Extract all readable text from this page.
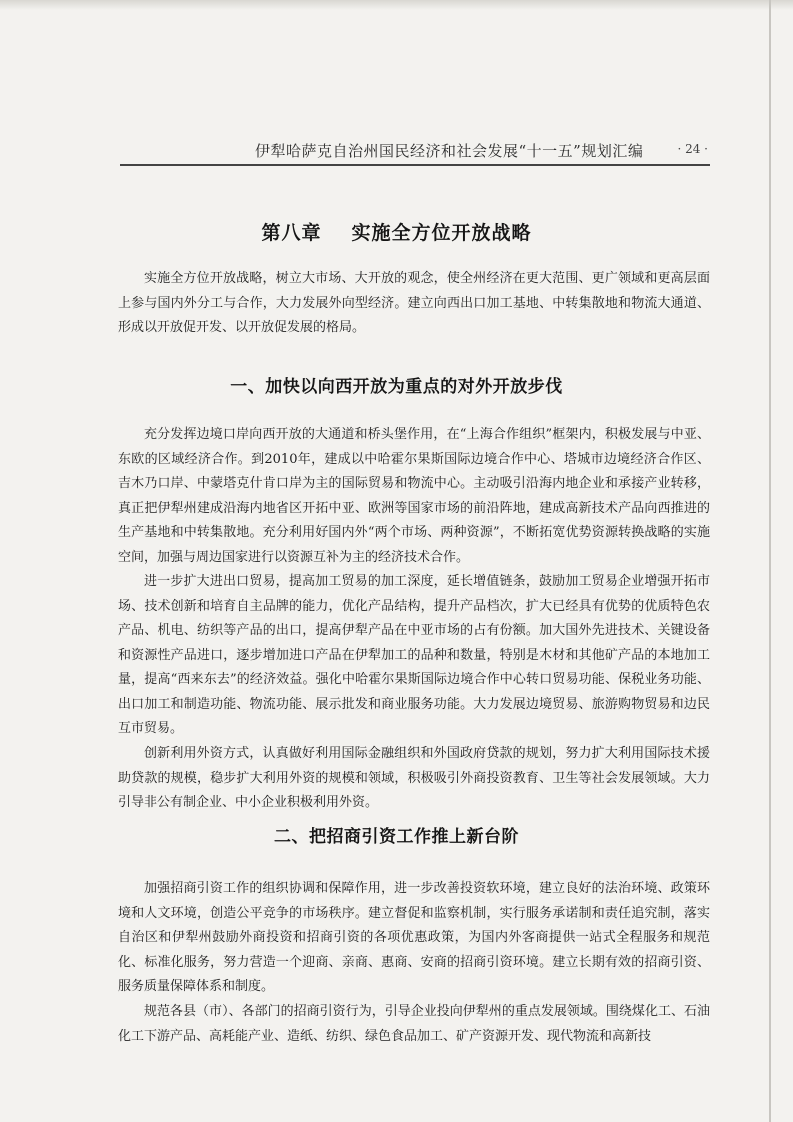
伊犁哈萨克自治州国民经济和社会发展“十一五”规划汇编	· 24 ·
第八章 实施全方位开放战略

实施全方位开放战略，树立大市场、大开放的观念，使全州经济在更大范围、更广领域和更高层面上参与国内外分工与合作，大力发展外向型经济。建立向西出口加工基地、中转集散地和物流大通道、形成以开放促开发、以开放促发展的格局。

一、加快以向西开放为重点的对外开放步伐

充分发挥边境口岸向西开放的大通道和桥头堡作用，在“上海合作组织”框架内，积极发展与中亚、东欧的区域经济合作。到2010年，建成以中哈霍尔果斯国际边境合作中心、塔城市边境经济合作区、吉木乃口岸、中蒙塔克什肯口岸为主的国际贸易和物流中心。主动吸引沿海内地企业和承接产业转移，真正把伊犁州建成沿海内地省区开拓中亚、欧洲等国家市场的前沿阵地，建成高新技术产品向西推进的生产基地和中转集散地。充分利用好国内外“两个市场、两种资源”，不断拓宽优势资源转换战略的实施空间，加强与周边国家进行以资源互补为主的经济技术合作。

进一步扩大进出口贸易，提高加工贸易的加工深度，延长增值链条，鼓励加工贸易企业增强开拓市场、技术创新和培育自主品牌的能力，优化产品结构，提升产品档次，扩大已经具有优势的优质特色农产品、机电、纺织等产品的出口，提高伊犁产品在中亚市场的占有份额。加大国外先进技术、关键设备和资源性产品进口，逐步增加进口产品在伊犁加工的品种和数量，特别是木材和其他矿产品的本地加工量，提高“西来东去”的经济效益。强化中哈霍尔果斯国际边境合作中心转口贸易功能、保税业务功能、出口加工和制造功能、物流功能、展示批发和商业服务功能。大力发展边境贸易、旅游购物贸易和边民互市贸易。

创新利用外资方式，认真做好利用国际金融组织和外国政府贷款的规划，努力扩大利用国际技术援助贷款的规模，稳步扩大利用外资的规模和领域，积极吸引外商投资教育、卫生等社会发展领域。大力引导非公有制企业、中小企业积极利用外资。

二、把招商引资工作推上新台阶

加强招商引资工作的组织协调和保障作用，进一步改善投资软环境，建立良好的法治环境、政策环境和人文环境，创造公平竞争的市场秩序。建立督促和监察机制，实行服务承诺制和责任追究制，落实自治区和伊犁州鼓励外商投资和招商引资的各项优惠政策，为国内外客商提供一站式全程服务和规范化、标准化服务，努力营造一个迎商、亲商、惠商、安商的招商引资环境。建立长期有效的招商引资、服务质量保障体系和制度。

规范各县（市）、各部门的招商引资行为，引导企业投向伊犁州的重点发展领域。围绕煤化工、石油化工下游产品、高耗能产业、造纸、纺织、绿色食品加工、矿产资源开发、现代物流和高新技
